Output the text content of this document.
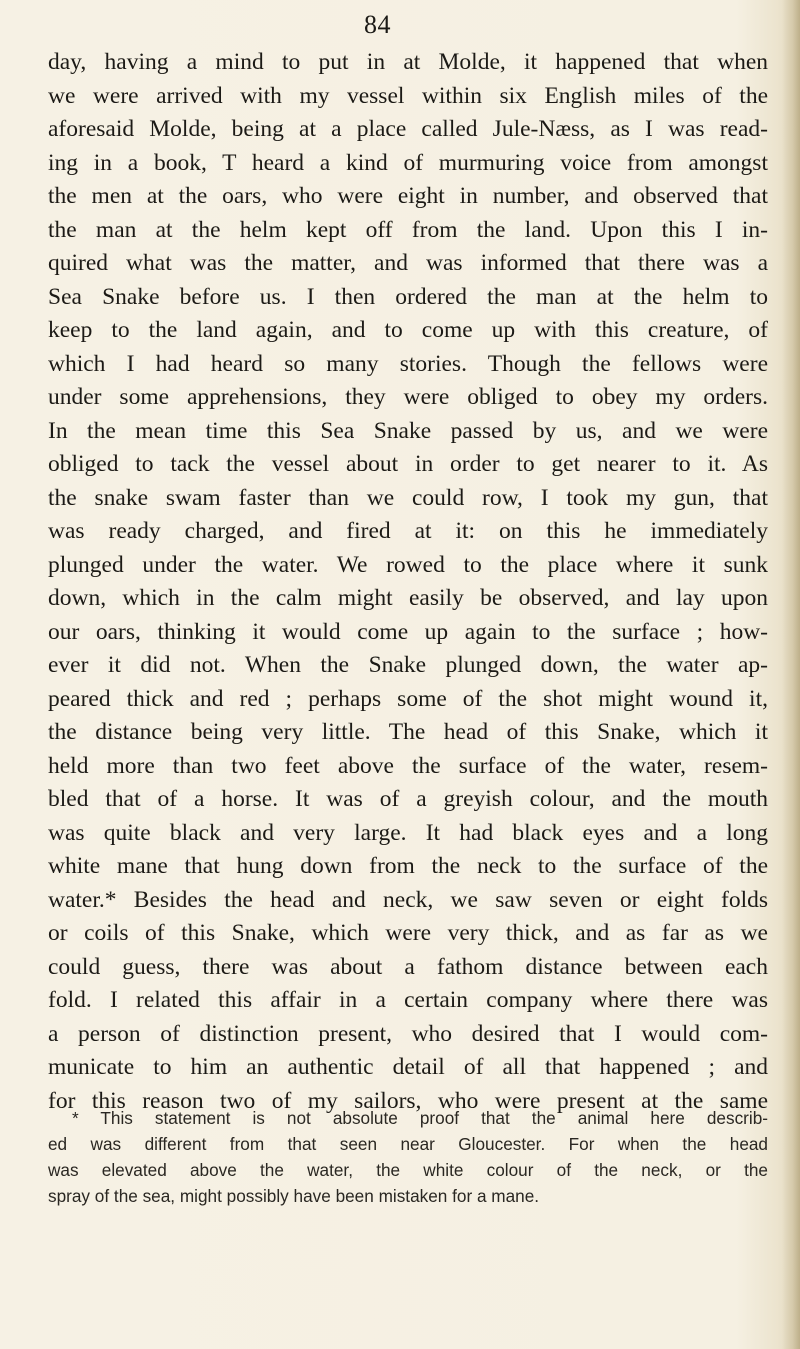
84
day, having a mind to put in at Molde, it happened that when
we were arrived with my vessel within six English miles of the
aforesaid Molde, being at a place called Jule-Næss, as I was read-
ing in a book, T heard a kind of murmuring voice from amongst
the men at the oars, who were eight in number, and observed that
the man at the helm kept off from the land. Upon this I in-
quired what was the matter, and was informed that there was a
Sea Snake before us. I then ordered the man at the helm to
keep to the land again, and to come up with this creature, of
which I had heard so many stories. Though the fellows were
under some apprehensions, they were obliged to obey my orders.
In the mean time this Sea Snake passed by us, and we were
obliged to tack the vessel about in order to get nearer to it. As
the snake swam faster than we could row, I took my gun, that
was ready charged, and fired at it: on this he immediately
plunged under the water. We rowed to the place where it sunk
down, which in the calm might easily be observed, and lay upon
our oars, thinking it would come up again to the surface ; how-
ever it did not. When the Snake plunged down, the water ap-
peared thick and red ; perhaps some of the shot might wound it,
the distance being very little. The head of this Snake, which it
held more than two feet above the surface of the water, resem-
bled that of a horse. It was of a greyish colour, and the mouth
was quite black and very large. It had black eyes and a long
white mane that hung down from the neck to the surface of the
water.* Besides the head and neck, we saw seven or eight folds
or coils of this Snake, which were very thick, and as far as we
could guess, there was about a fathom distance between each
fold. I related this affair in a certain company where there was
a person of distinction present, who desired that I would com-
municate to him an authentic detail of all that happened ; and
for this reason two of my sailors, who were present at the same
* This statement is not absolute proof that the animal here describ-
ed was different from that seen near Gloucester. For when the head
was elevated above the water, the white colour of the neck, or the
spray of the sea, might possibly have been mistaken for a mane.
